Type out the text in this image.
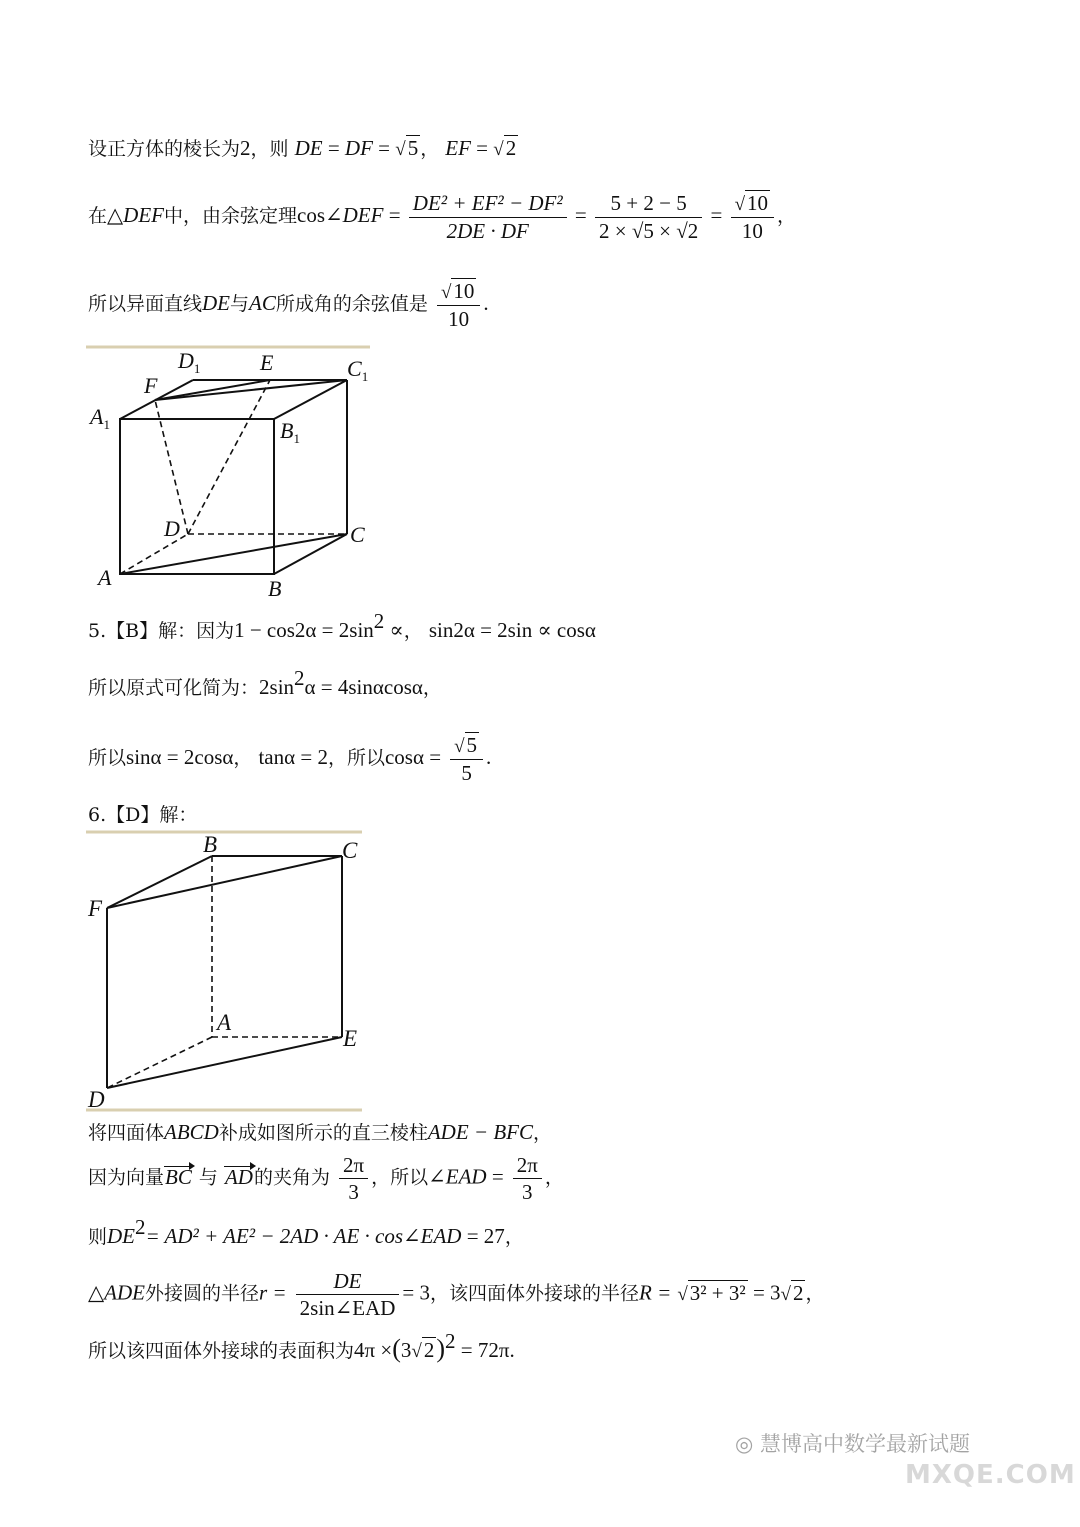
设正方体的棱长为2，则 DE = DF = √5 ， EF = √2
在△DEF中，由余弦定理cos∠DEF = $\frac{\text{DE² + EF² − DF²}}{2DE \cdot DF} = \frac{5 + 2 - 5}{2 \times √5 \times √2} = \frac{√10}{10}$ ，
所以异面直线DE与AC所成角的余弦值是 $\frac{√10}{10}$ .
$D_1$	E	$C_1$
F
$A_1$	$B_1$
D	C
A	B
5.【B】解：因为$1 - \cos 2\alpha = 2\sin^2$ ∝， sin2α = 2sin ∝ cosα
所以原式可化简为：$2\sin^2\alpha = 4\sin\alpha\cos\alpha$，
所以sinα = 2cosα， tanα = 2，所以$\cos\alpha = \frac{√5}{5}$ .
6.【D】解：
B	C
F
A
E
D
将四面体ABCD补成如图所示的直三棱柱ADE − BFC，
因为向量BC 与 AD的夹角为 $\frac{2\pi}{3}$ ，所以∠EAD = $\frac{2\pi}{3}$ ，
则$DE^2= AD^2 + AE^2 - 2AD$ · AE · cos∠EAD = 27，
△ADE外接圆的半径$r = \frac{DE}{\text{2sin∠EAD}} = 3$，该四面体外接球的半径R = √3² + 3² = 3√2 ，
所以该四面体外接球的表面积为$4\pi \times(3√2)^2 = 72\pi$.
◎ 慧博高中数学最新试题
MXQE.COM
